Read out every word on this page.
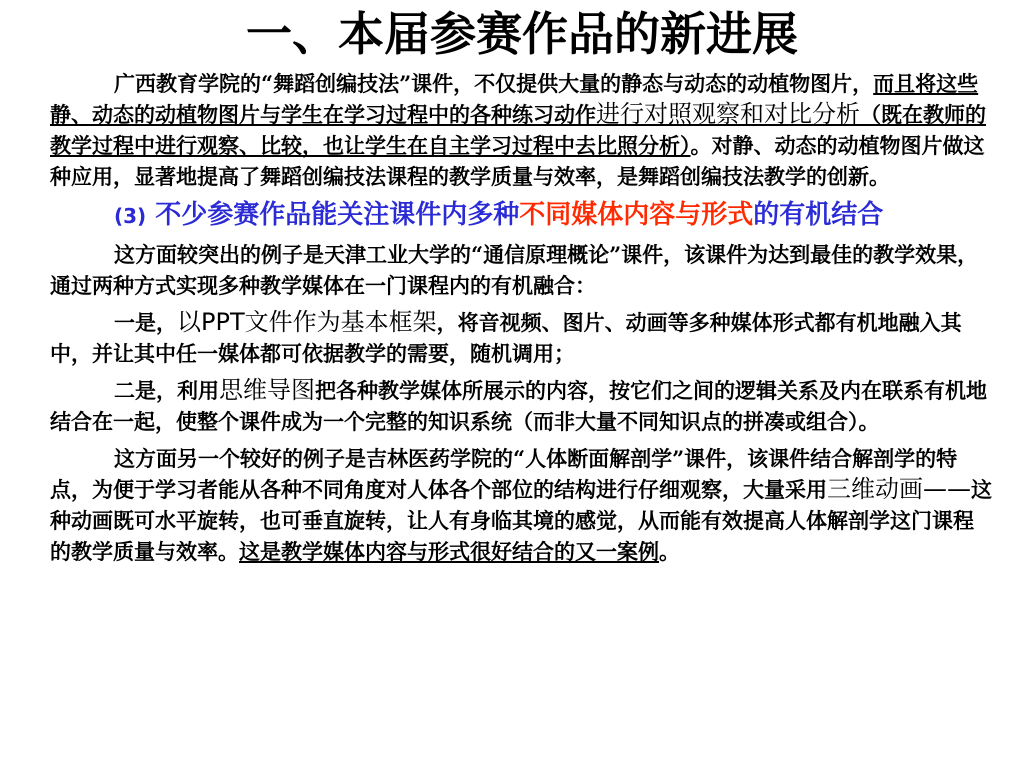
一、本届参赛作品的新进展

广西教育学院的“舞蹈创编技法”课件，不仅提供大量的静态与动态的动植物图片，而且将这些静、动态的动植物图片与学生在学习过程中的各种练习动作进行对照观察和对比分析（既在教师的教学过程中进行观察、比较，也让学生在自主学习过程中去比照分析）。对静、动态的动植物图片做这种应用，显著地提高了舞蹈创编技法课程的教学质量与效率，是舞蹈创编技法教学的创新。

(3) 不少参赛作品能关注课件内多种不同媒体内容与形式的有机结合

这方面较突出的例子是天津工业大学的“通信原理概论”课件，该课件为达到最佳的教学效果，通过两种方式实现多种教学媒体在一门课程内的有机融合：

一是，以PPT文件作为基本框架，将音视频、图片、动画等多种媒体形式都有机地融入其中，并让其中任一媒体都可依据教学的需要，随机调用；

二是，利用思维导图把各种教学媒体所展示的内容，按它们之间的逻辑关系及内在联系有机地结合在一起，使整个课件成为一个完整的知识系统（而非大量不同知识点的拼凑或组合）。

这方面另一个较好的例子是吉林医药学院的“人体断面解剖学”课件，该课件结合解剖学的特点，为便于学习者能从各种不同角度对人体各个部位的结构进行仔细观察，大量采用三维动画——这种动画既可水平旋转，也可垂直旋转，让人有身临其境的感觉，从而能有效提高人体解剖学这门课程的教学质量与效率。这是教学媒体内容与形式很好结合的又一案例。
